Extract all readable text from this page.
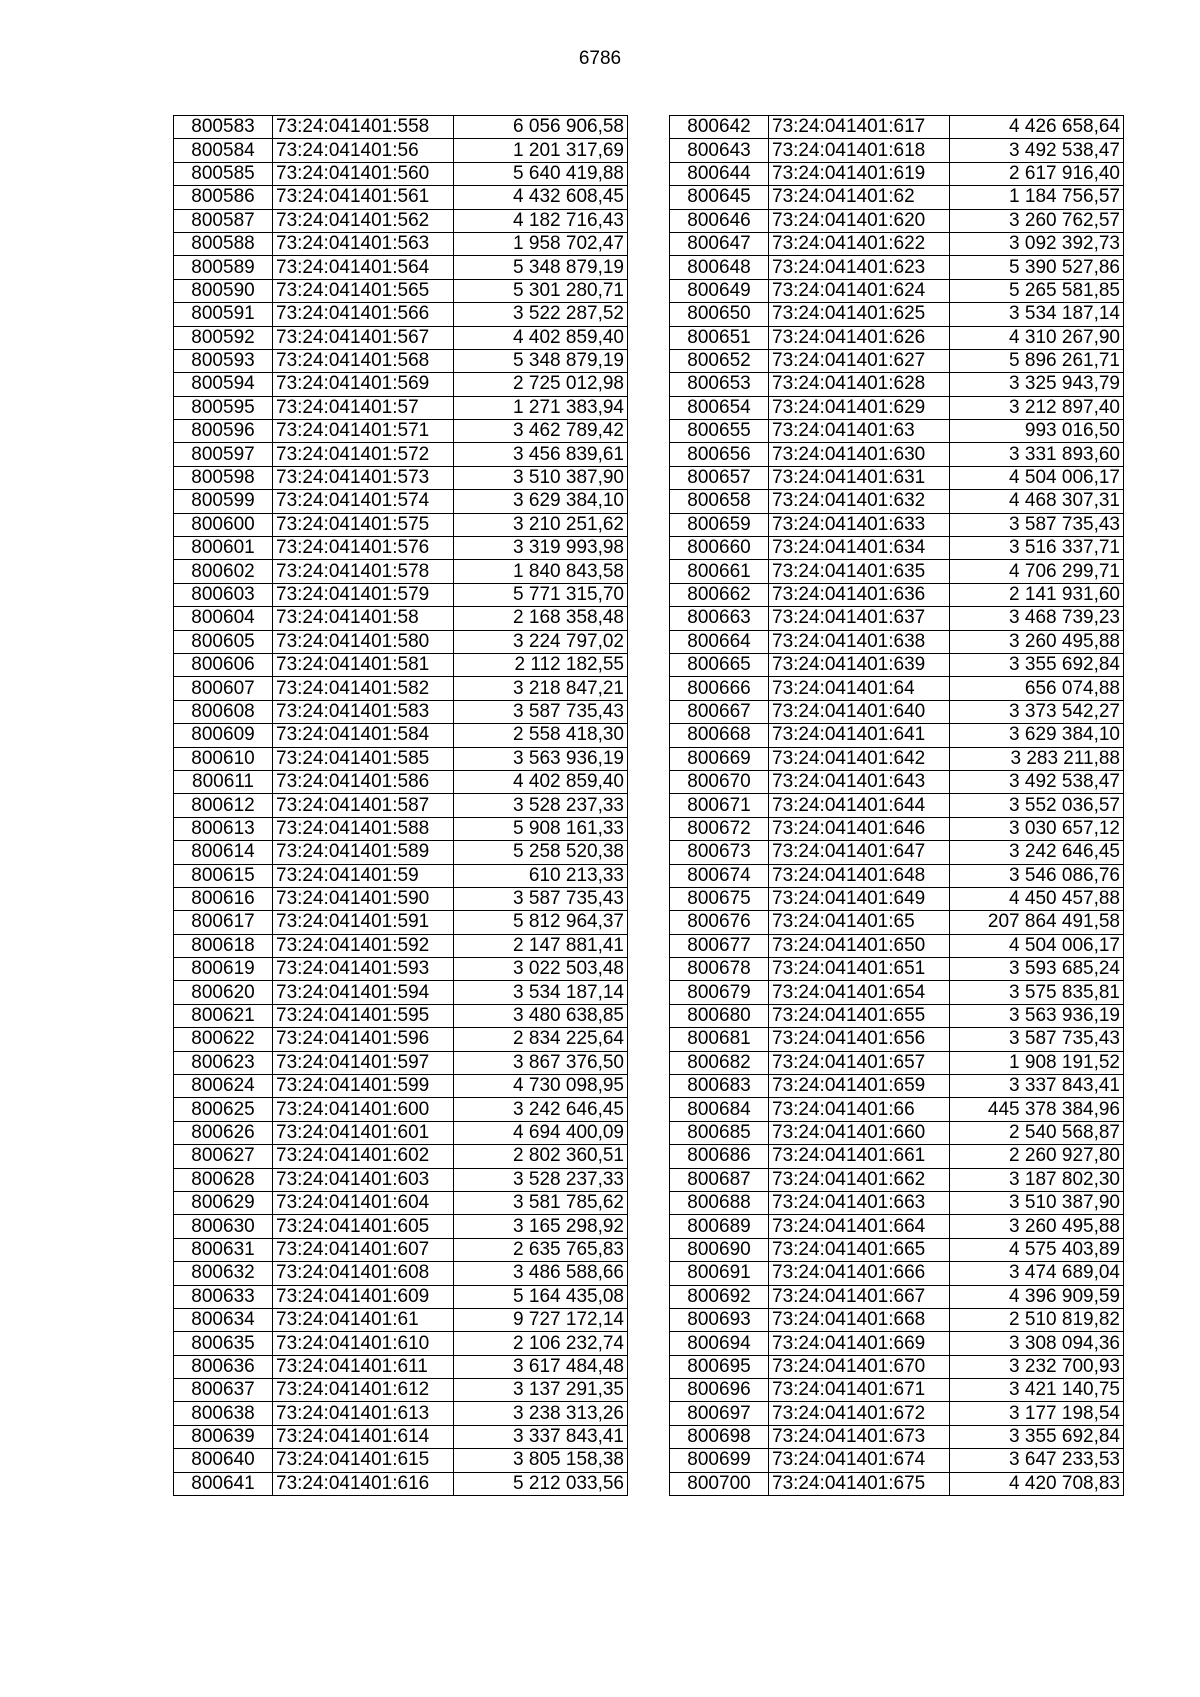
6786
800583	73:24:041401:558	6 056 906,58
800584	73:24:041401:56	1 201 317,69
800585	73:24:041401:560	5 640 419,88
800586	73:24:041401:561	4 432 608,45
800587	73:24:041401:562	4 182 716,43
800588	73:24:041401:563	1 958 702,47
800589	73:24:041401:564	5 348 879,19
800590	73:24:041401:565	5 301 280,71
800591	73:24:041401:566	3 522 287,52
800592	73:24:041401:567	4 402 859,40
800593	73:24:041401:568	5 348 879,19
800594	73:24:041401:569	2 725 012,98
800595	73:24:041401:57	1 271 383,94
800596	73:24:041401:571	3 462 789,42
800597	73:24:041401:572	3 456 839,61
800598	73:24:041401:573	3 510 387,90
800599	73:24:041401:574	3 629 384,10
800600	73:24:041401:575	3 210 251,62
800601	73:24:041401:576	3 319 993,98
800602	73:24:041401:578	1 840 843,58
800603	73:24:041401:579	5 771 315,70
800604	73:24:041401:58	2 168 358,48
800605	73:24:041401:580	3 224 797,02
800606	73:24:041401:581	2 112 182,55
800607	73:24:041401:582	3 218 847,21
800608	73:24:041401:583	3 587 735,43
800609	73:24:041401:584	2 558 418,30
800610	73:24:041401:585	3 563 936,19
800611	73:24:041401:586	4 402 859,40
800612	73:24:041401:587	3 528 237,33
800613	73:24:041401:588	5 908 161,33
800614	73:24:041401:589	5 258 520,38
800615	73:24:041401:59	610 213,33
800616	73:24:041401:590	3 587 735,43
800617	73:24:041401:591	5 812 964,37
800618	73:24:041401:592	2 147 881,41
800619	73:24:041401:593	3 022 503,48
800620	73:24:041401:594	3 534 187,14
800621	73:24:041401:595	3 480 638,85
800622	73:24:041401:596	2 834 225,64
800623	73:24:041401:597	3 867 376,50
800624	73:24:041401:599	4 730 098,95
800625	73:24:041401:600	3 242 646,45
800626	73:24:041401:601	4 694 400,09
800627	73:24:041401:602	2 802 360,51
800628	73:24:041401:603	3 528 237,33
800629	73:24:041401:604	3 581 785,62
800630	73:24:041401:605	3 165 298,92
800631	73:24:041401:607	2 635 765,83
800632	73:24:041401:608	3 486 588,66
800633	73:24:041401:609	5 164 435,08
800634	73:24:041401:61	9 727 172,14
800635	73:24:041401:610	2 106 232,74
800636	73:24:041401:611	3 617 484,48
800637	73:24:041401:612	3 137 291,35
800638	73:24:041401:613	3 238 313,26
800639	73:24:041401:614	3 337 843,41
800640	73:24:041401:615	3 805 158,38
800641	73:24:041401:616	5 212 033,56
800642	73:24:041401:617	4 426 658,64
800643	73:24:041401:618	3 492 538,47
800644	73:24:041401:619	2 617 916,40
800645	73:24:041401:62	1 184 756,57
800646	73:24:041401:620	3 260 762,57
800647	73:24:041401:622	3 092 392,73
800648	73:24:041401:623	5 390 527,86
800649	73:24:041401:624	5 265 581,85
800650	73:24:041401:625	3 534 187,14
800651	73:24:041401:626	4 310 267,90
800652	73:24:041401:627	5 896 261,71
800653	73:24:041401:628	3 325 943,79
800654	73:24:041401:629	3 212 897,40
800655	73:24:041401:63	993 016,50
800656	73:24:041401:630	3 331 893,60
800657	73:24:041401:631	4 504 006,17
800658	73:24:041401:632	4 468 307,31
800659	73:24:041401:633	3 587 735,43
800660	73:24:041401:634	3 516 337,71
800661	73:24:041401:635	4 706 299,71
800662	73:24:041401:636	2 141 931,60
800663	73:24:041401:637	3 468 739,23
800664	73:24:041401:638	3 260 495,88
800665	73:24:041401:639	3 355 692,84
800666	73:24:041401:64	656 074,88
800667	73:24:041401:640	3 373 542,27
800668	73:24:041401:641	3 629 384,10
800669	73:24:041401:642	3 283 211,88
800670	73:24:041401:643	3 492 538,47
800671	73:24:041401:644	3 552 036,57
800672	73:24:041401:646	3 030 657,12
800673	73:24:041401:647	3 242 646,45
800674	73:24:041401:648	3 546 086,76
800675	73:24:041401:649	4 450 457,88
800676	73:24:041401:65	207 864 491,58
800677	73:24:041401:650	4 504 006,17
800678	73:24:041401:651	3 593 685,24
800679	73:24:041401:654	3 575 835,81
800680	73:24:041401:655	3 563 936,19
800681	73:24:041401:656	3 587 735,43
800682	73:24:041401:657	1 908 191,52
800683	73:24:041401:659	3 337 843,41
800684	73:24:041401:66	445 378 384,96
800685	73:24:041401:660	2 540 568,87
800686	73:24:041401:661	2 260 927,80
800687	73:24:041401:662	3 187 802,30
800688	73:24:041401:663	3 510 387,90
800689	73:24:041401:664	3 260 495,88
800690	73:24:041401:665	4 575 403,89
800691	73:24:041401:666	3 474 689,04
800692	73:24:041401:667	4 396 909,59
800693	73:24:041401:668	2 510 819,82
800694	73:24:041401:669	3 308 094,36
800695	73:24:041401:670	3 232 700,93
800696	73:24:041401:671	3 421 140,75
800697	73:24:041401:672	3 177 198,54
800698	73:24:041401:673	3 355 692,84
800699	73:24:041401:674	3 647 233,53
800700	73:24:041401:675	4 420 708,83
